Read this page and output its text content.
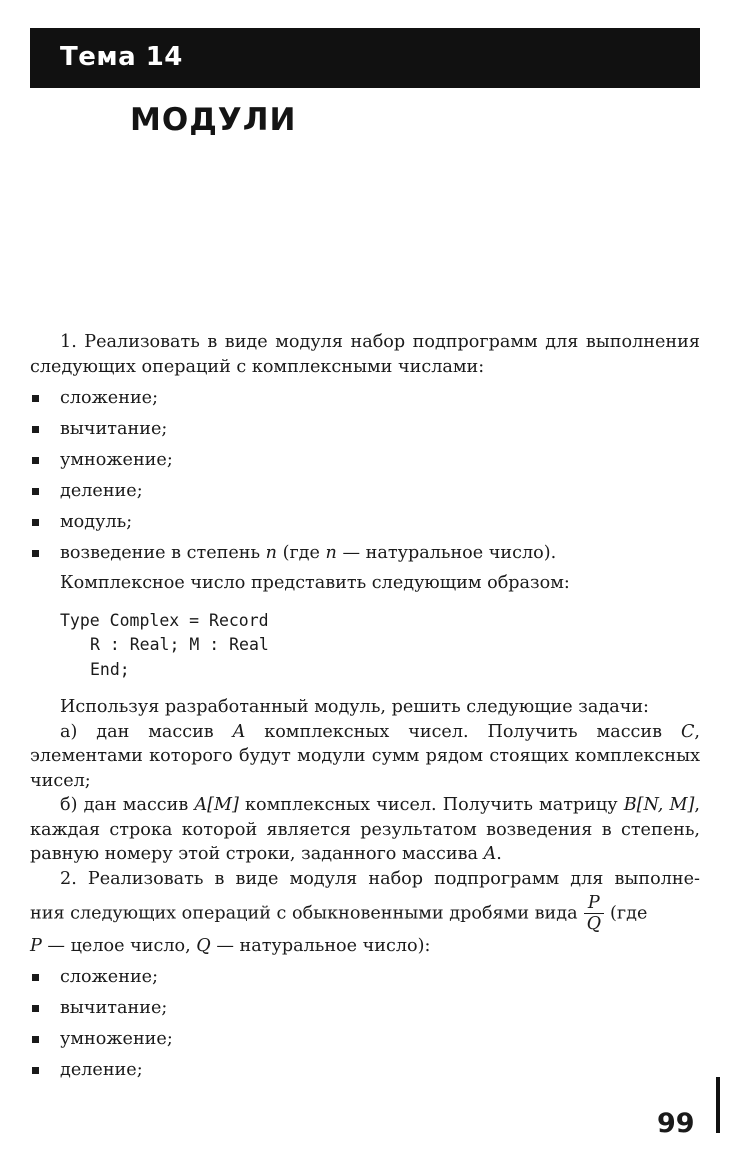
Тема 14
МОДУЛИ

1. Реализовать в виде модуля набор подпрограмм для выполнения следующих операций с комплексными числами:

сложение;
вычитание;
умножение;
деление;
модуль;
возведение в степень n (где n — натуральное число).

Комплексное число представить следующим образом:

Type Complex = Record
R : Real; M : Real
End;

Используя разработанный модуль, решить следующие задачи:

а) дан массив A комплексных чисел. Получить массив C, элементами которого будут модули сумм рядом стоящих комплексных чисел;

б) дан массив A[M] комплексных чисел. Получить матрицу B[N, M], каждая строка которой является результатом возведения в степень, равную номеру этой строки, заданного массива A.

2. Реализовать в виде модуля набор подпрограмм для выполне-

ния следующих операций с обыкновенными дробями вида $\frac{P}{Q} (где$
P — целое число, Q — натуральное число):

сложение;
вычитание;
умножение;
деление;
99
